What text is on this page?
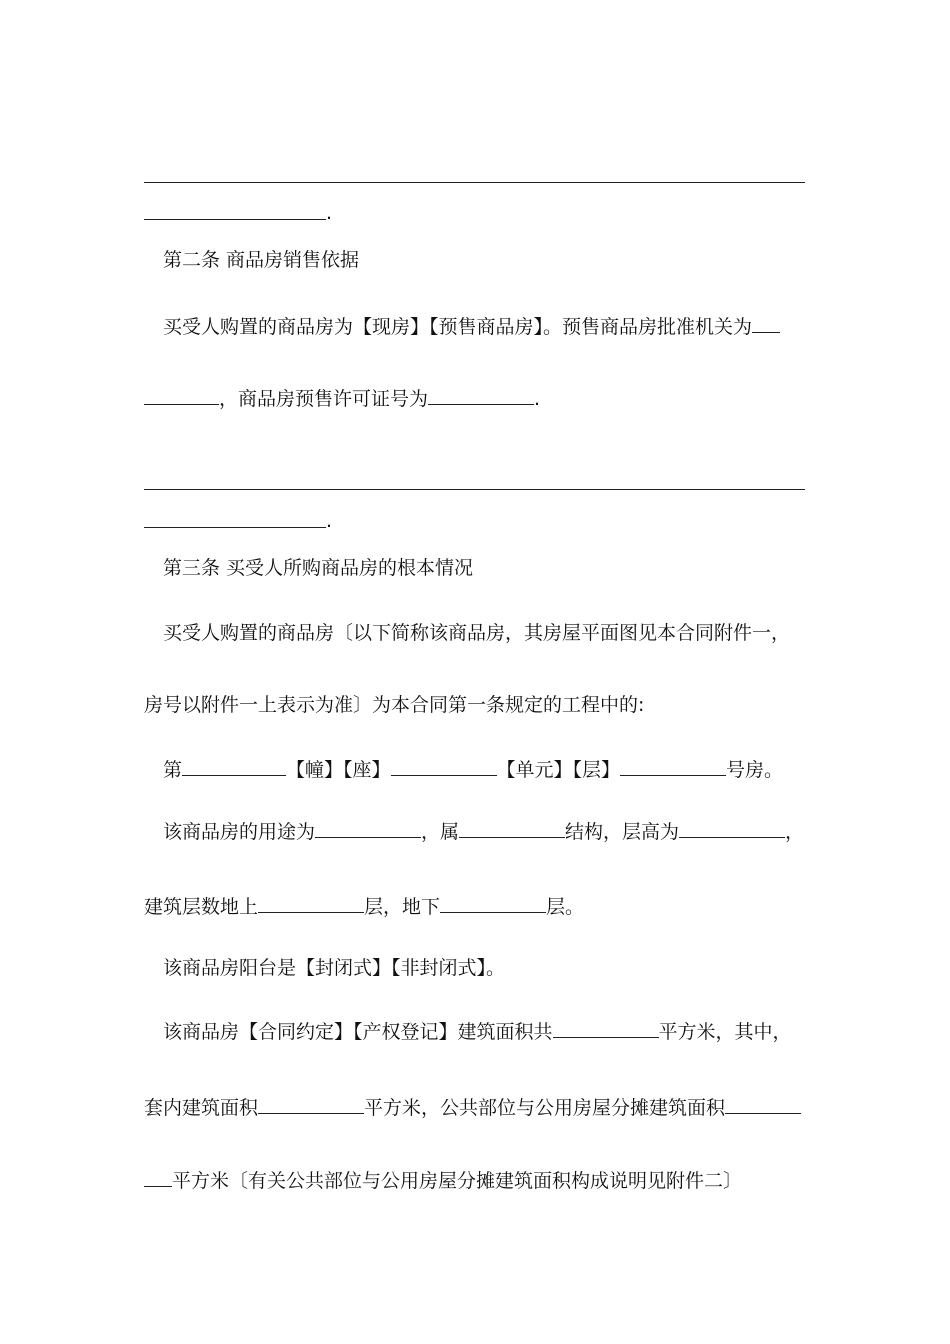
.
第二条 商品房销售依据
买受人购置的商品房为【现房】【预售商品房】。预售商品房批准机关为
，商品房预售许可证号为	.
.
第三条 买受人所购商品房的根本情况
买受人购置的商品房〔以下简称该商品房，其房屋平面图见本合同附件一，
房号以附件一上表示为准〕为本合同第一条规定的工程中的:
第	【幢】【座】	【单元】【层】	号房。
该商品房的用途为	，属	结构，层高为	，
建筑层数地上	层，地下	层。
该商品房阳台是【封闭式】【非封闭式】。
该商品房【合同约定】【产权登记】建筑面积共	平方米，其中，
套内建筑面积	平方米，公共部位与公用房屋分摊建筑面积
平方米〔有关公共部位与公用房屋分摊建筑面积构成说明见附件二〕
